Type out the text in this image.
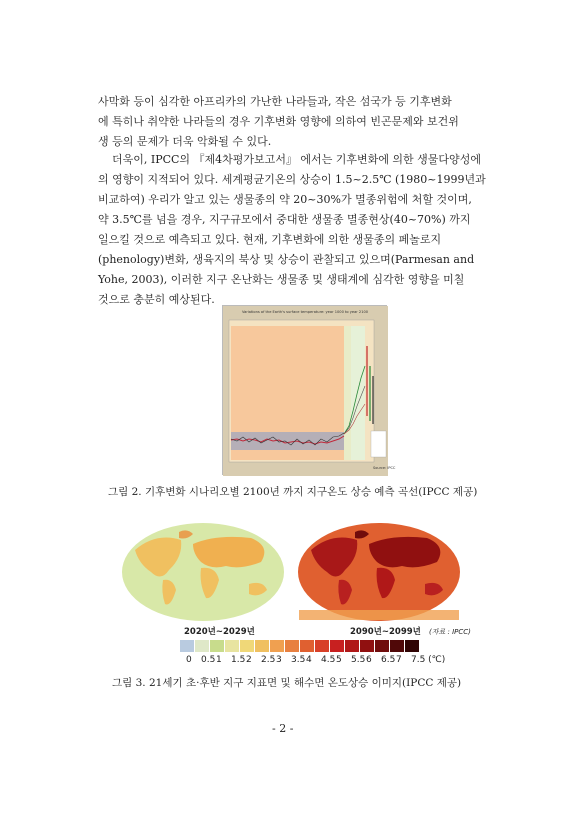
사막화 등이 심각한 아프리카의 가난한 나라들과, 작은 섬국가 등 기후변화
에 특히나 취약한 나라들의 경우 기후변화 영향에 의하여 빈곤문제와 보건위
생 등의 문제가 더욱 악화될 수 있다.
더욱이, IPCC의 『제4차평가보고서』 에서는 기후변화에 의한 생물다양성에
의 영향이 지적되어 있다. 세계평균기온의 상승이 1.5~2.5℃ (1980~1999년과
비교하여) 우리가 알고 있는 생물종의 약 20~30%가 멸종위험에 처할 것이며,
약 3.5℃를 넘을 경우, 지구규모에서 중대한 생물종 멸종현상(40~70%) 까지
일으킬 것으로 예측되고 있다. 현재, 기후변화에 의한 생물종의 페놀로지
(phenology)변화, 생육지의 북상 및 상승이 관찰되고 있으며(Parmesan and
Yohe, 2003), 이러한 지구 온난화는 생물종 및 생태계에 심각한 영향을 미칠
것으로 충분히 예상된다.
Variations of the Earth's surface temperature: year 1000 to year 2100
Source: IPCC
그림 2. 기후변화 시나리오별 2100년 까지 지구온도 상승 예측 곡선(IPCC 제공)
2020년~2029년	2090년~2099년 (자료 : IPCC)
0 0.51 1.52 2.53 3.54 4.55 5.56 6.57 7.5 (℃)
그림 3. 21세기 초·후반 지구 지표면 및 해수면 온도상승 이미지(IPCC 제공)
- 2 -
